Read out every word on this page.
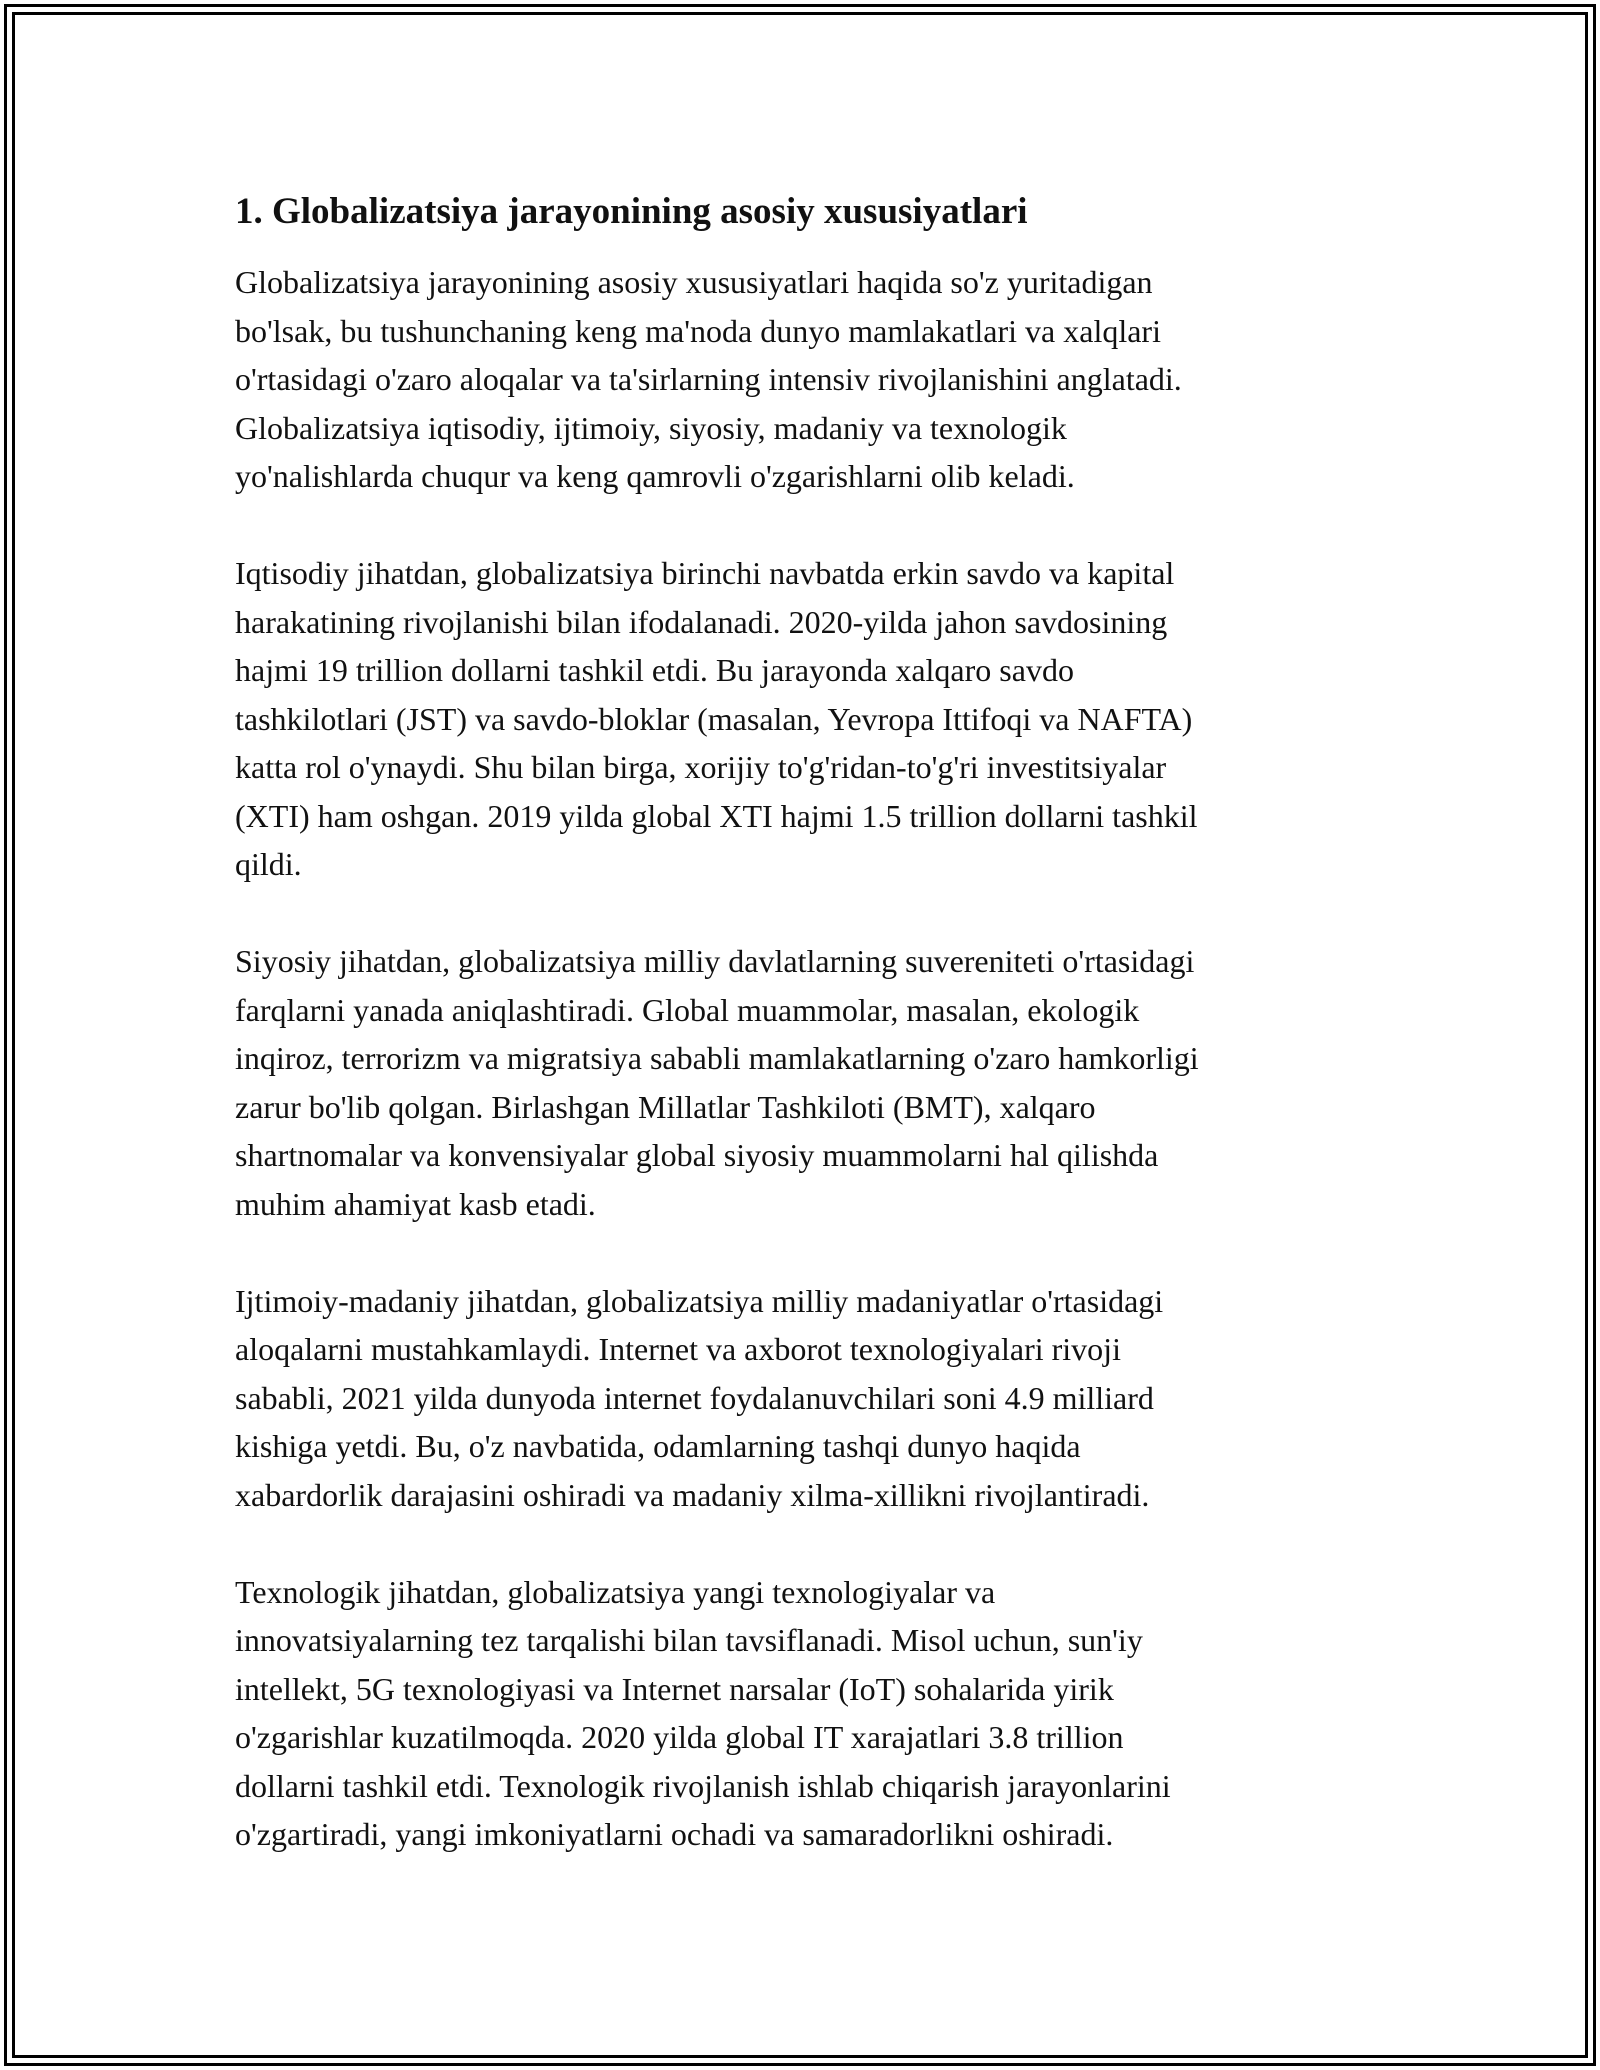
1. Globalizatsiya jarayonining asosiy xususiyatlari

Globalizatsiya jarayonining asosiy xususiyatlari haqida so'z yuritadigan
bo'lsak, bu tushunchaning keng ma'noda dunyo mamlakatlari va xalqlari
o'rtasidagi o'zaro aloqalar va ta'sirlarning intensiv rivojlanishini anglatadi.
Globalizatsiya iqtisodiy, ijtimoiy, siyosiy, madaniy va texnologik
yo'nalishlarda chuqur va keng qamrovli o'zgarishlarni olib keladi.

Iqtisodiy jihatdan, globalizatsiya birinchi navbatda erkin savdo va kapital
harakatining rivojlanishi bilan ifodalanadi. 2020-yilda jahon savdosining
hajmi 19 trillion dollarni tashkil etdi. Bu jarayonda xalqaro savdo
tashkilotlari (JST) va savdo-bloklar (masalan, Yevropa Ittifoqi va NAFTA)
katta rol o'ynaydi. Shu bilan birga, xorijiy to'g'ridan-to'g'ri investitsiyalar
(XTI) ham oshgan. 2019 yilda global XTI hajmi 1.5 trillion dollarni tashkil
qildi.

Siyosiy jihatdan, globalizatsiya milliy davlatlarning suvereniteti o'rtasidagi
farqlarni yanada aniqlashtiradi. Global muammolar, masalan, ekologik
inqiroz, terrorizm va migratsiya sababli mamlakatlarning o'zaro hamkorligi
zarur bo'lib qolgan. Birlashgan Millatlar Tashkiloti (BMT), xalqaro
shartnomalar va konvensiyalar global siyosiy muammolarni hal qilishda
muhim ahamiyat kasb etadi.

Ijtimoiy-madaniy jihatdan, globalizatsiya milliy madaniyatlar o'rtasidagi
aloqalarni mustahkamlaydi. Internet va axborot texnologiyalari rivoji
sababli, 2021 yilda dunyoda internet foydalanuvchilari soni 4.9 milliard
kishiga yetdi. Bu, o'z navbatida, odamlarning tashqi dunyo haqida
xabardorlik darajasini oshiradi va madaniy xilma-xillikni rivojlantiradi.

Texnologik jihatdan, globalizatsiya yangi texnologiyalar va
innovatsiyalarning tez tarqalishi bilan tavsiflanadi. Misol uchun, sun'iy
intellekt, 5G texnologiyasi va Internet narsalar (IoT) sohalarida yirik
o'zgarishlar kuzatilmoqda. 2020 yilda global IT xarajatlari 3.8 trillion
dollarni tashkil etdi. Texnologik rivojlanish ishlab chiqarish jarayonlarini
o'zgartiradi, yangi imkoniyatlarni ochadi va samaradorlikni oshiradi.
